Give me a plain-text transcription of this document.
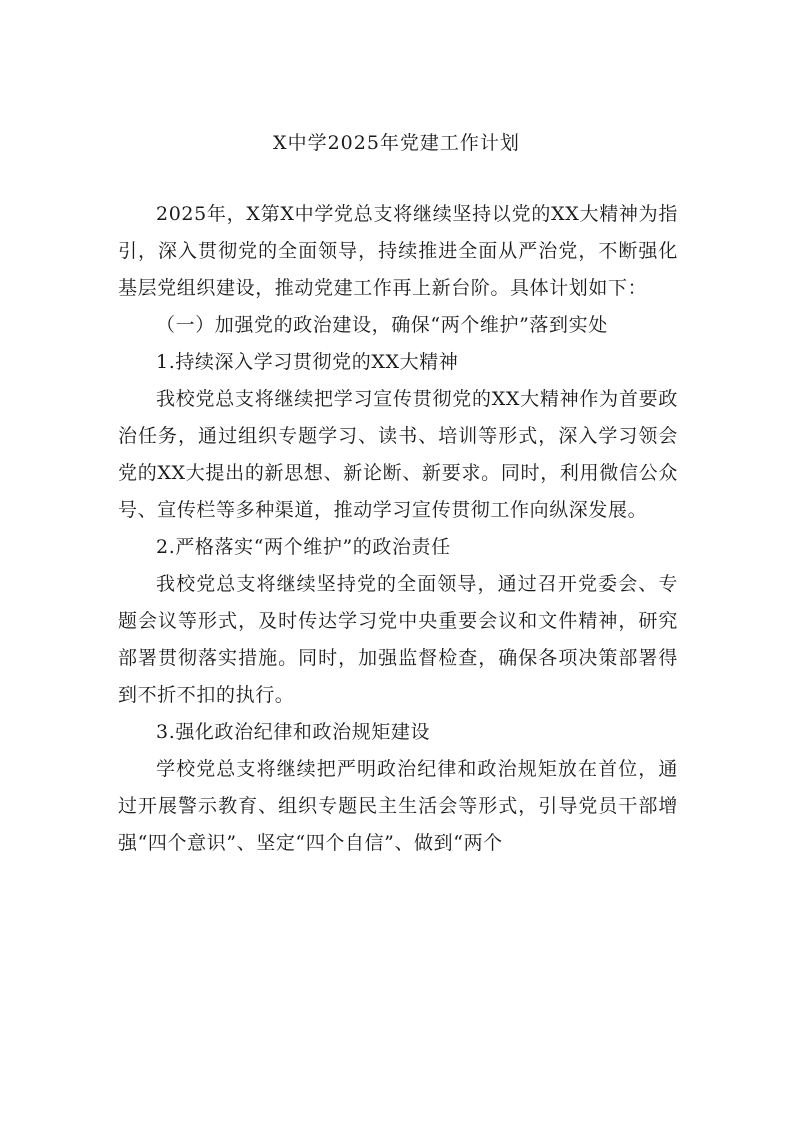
X中学2025年党建工作计划

2025年，X第X中学党总支将继续坚持以党的XX大精神为指引，深入贯彻党的全面领导，持续推进全面从严治党，不断强化基层党组织建设，推动党建工作再上新台阶。具体计划如下：

（一）加强党的政治建设，确保“两个维护”落到实处

1.持续深入学习贯彻党的XX大精神

我校党总支将继续把学习宣传贯彻党的XX大精神作为首要政治任务，通过组织专题学习、读书、培训等形式，深入学习领会党的XX大提出的新思想、新论断、新要求。同时，利用微信公众号、宣传栏等多种渠道，推动学习宣传贯彻工作向纵深发展。

2.严格落实“两个维护”的政治责任

我校党总支将继续坚持党的全面领导，通过召开党委会、专题会议等形式，及时传达学习党中央重要会议和文件精神，研究部署贯彻落实措施。同时，加强监督检查，确保各项决策部署得到不折不扣的执行。

3.强化政治纪律和政治规矩建设

学校党总支将继续把严明政治纪律和政治规矩放在首位，通过开展警示教育、组织专题民主生活会等形式，引导党员干部增强“四个意识”、坚定“四个自信”、做到“两个
